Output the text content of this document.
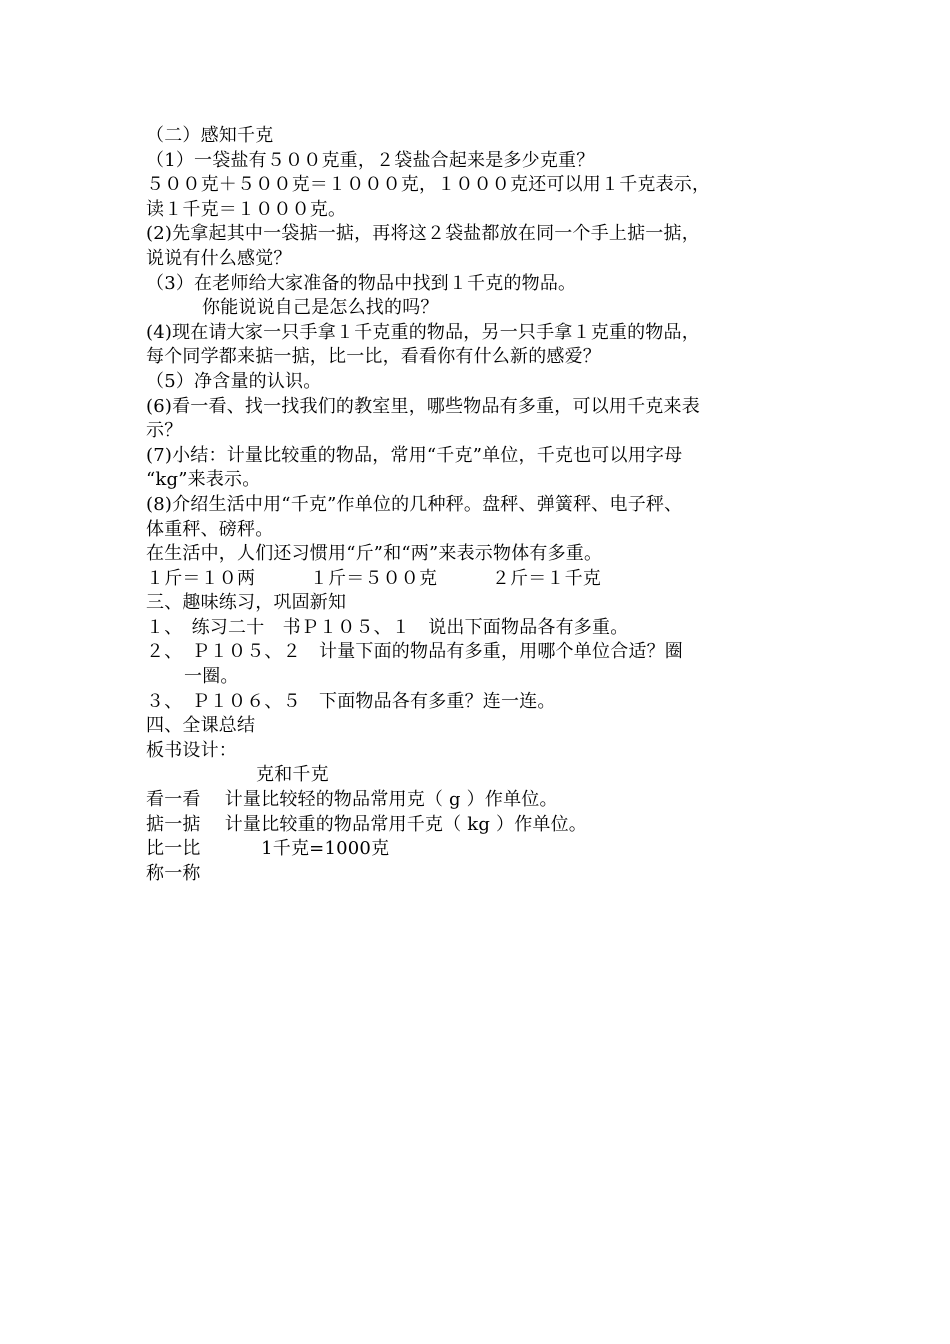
（二）感知千克
（1）一袋盐有５００克重，２袋盐合起来是多少克重？
５００克＋５００克＝１０００克，１０００克还可以用１千克表示，
读１千克＝１０００克。
(2)先拿起其中一袋掂一掂，再将这２袋盐都放在同一个手上掂一掂，
说说有什么感觉？
（3）在老师给大家准备的物品中找到１千克的物品。
你能说说自己是怎么找的吗？
(4)现在请大家一只手拿１千克重的物品，另一只手拿１克重的物品，
每个同学都来掂一掂，比一比，看看你有什么新的感爱？
（5）净含量的认识。
(6)看一看、找一找我们的教室里，哪些物品有多重，可以用千克来表
示？
(7)小结：计量比较重的物品，常用“千克”单位，千克也可以用字母
“kg”来表示。
(8)介绍生活中用“千克”作单位的几种秤。盘秤、弹簧秤、电子秤、
体重秤、磅秤。
在生活中，人们还习惯用“斤”和“两”来表示物体有多重。
１斤＝１０两　　　１斤＝５００克　　　２斤＝１千克
三、趣味练习，巩固新知
１、　练习二十　书Ｐ１０５、１　说出下面物品各有多重。
２、　Ｐ１０５、２　计量下面的物品有多重，用哪个单位合适？圈
一圈。
３、　Ｐ１０６、５　下面物品各有多重？连一连。
四、全课总结
板书设计：
克和千克
看一看　 计量比较轻的物品常用克（ g ）作单位。
掂一掂　 计量比较重的物品常用千克（ kg ）作单位。
比一比　　　 1千克=1000克
称一称
